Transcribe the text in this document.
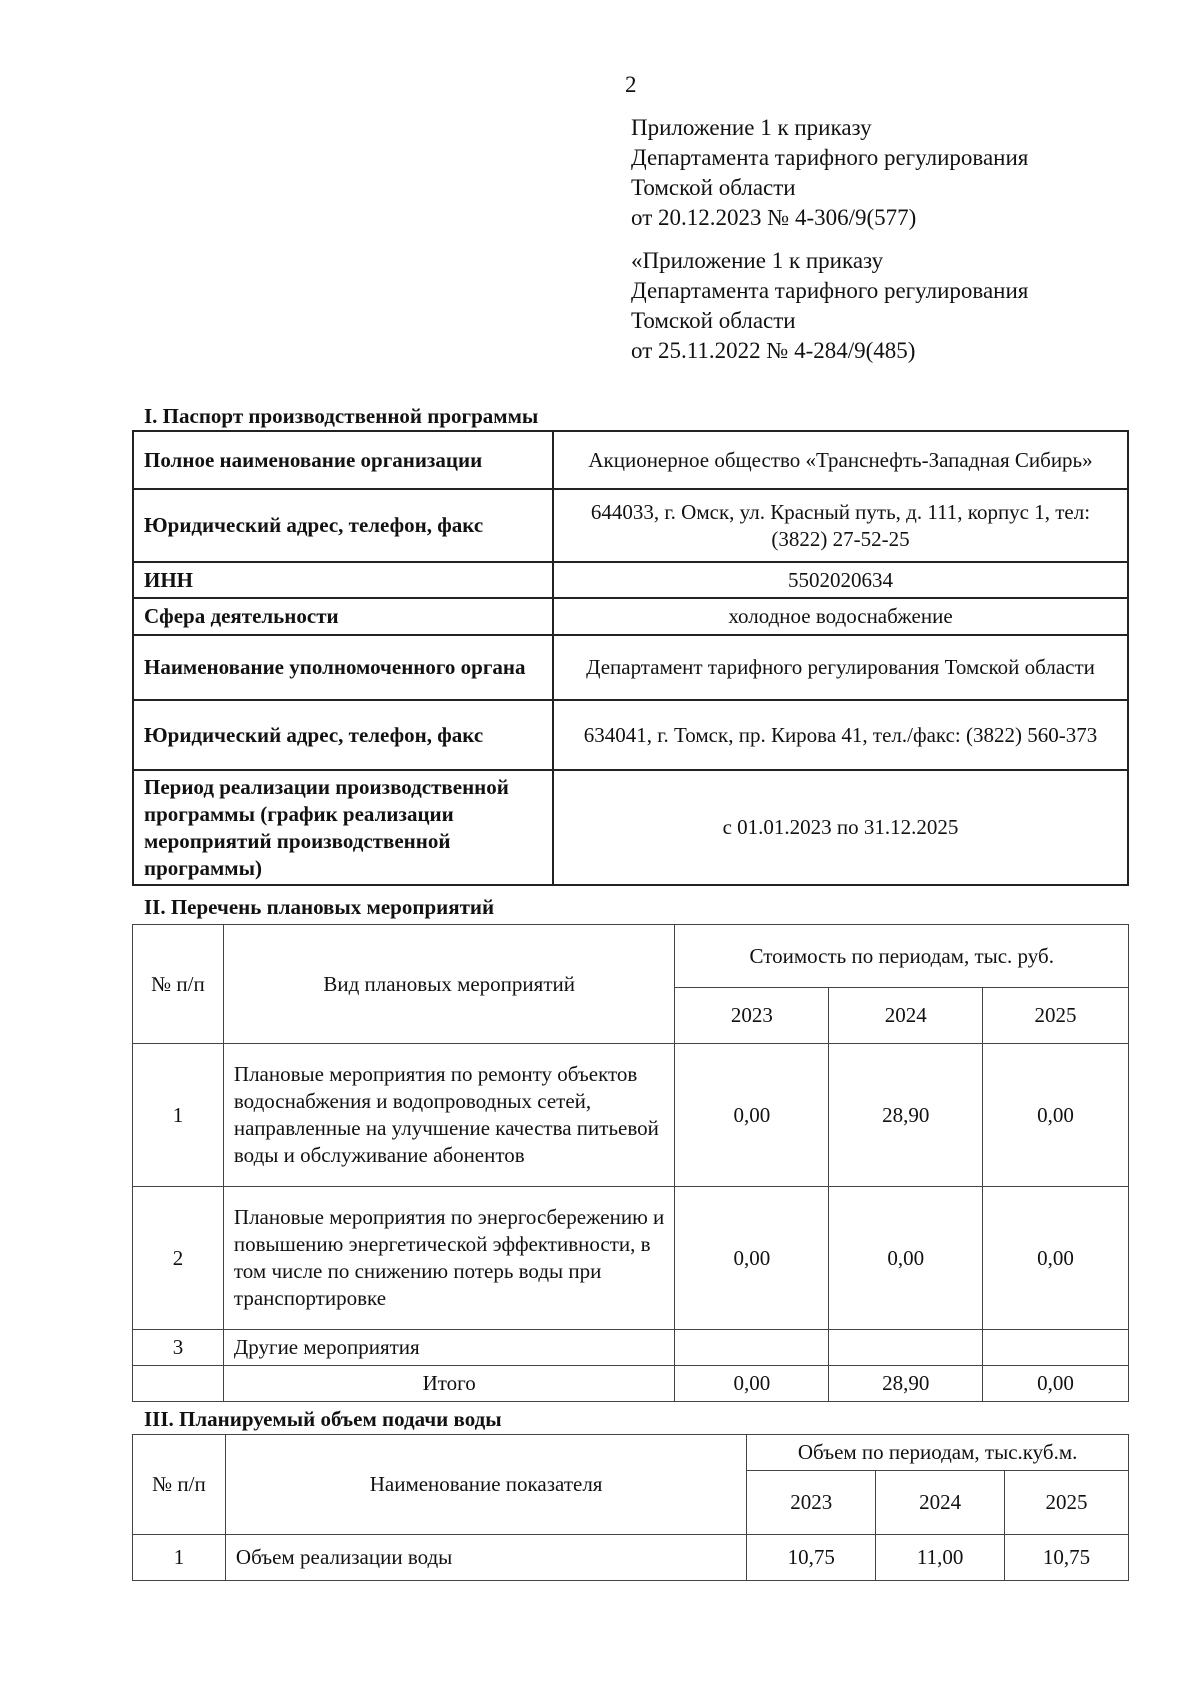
2
Приложение 1 к приказу
Департамента тарифного регулирования
Томской области
от 20.12.2023 № 4-306/9(577)
«Приложение 1 к приказу
Департамента тарифного регулирования
Томской области
от 25.11.2022 № 4-284/9(485)
I. Паспорт производственной программы
Полное наименование организации	Акционерное общество «Транснефть-Западная Сибирь»
Юридический адрес, телефон, факс	644033, г. Омск, ул. Красный путь, д. 111, корпус 1, тел: (3822) 27-52-25
ИНН	5502020634
Сфера деятельности	холодное водоснабжение
Наименование уполномоченного органа	Департамент тарифного регулирования Томской области
Юридический адрес, телефон, факс	634041, г. Томск, пр. Кирова 41, тел./факс: (3822) 560-373
Период реализации производственной программы (график реализации мероприятий производственной программы)	с 01.01.2023 по 31.12.2025
II. Перечень плановых мероприятий
№ п/п	Вид плановых мероприятий	Стоимость по периодам, тыс. руб.		
		2023	2024	2025
1	Плановые мероприятия по ремонту объектов водоснабжения и водопроводных сетей, направленные на улучшение качества питьевой воды и обслуживание абонентов	0,00	28,90	0,00
2	Плановые мероприятия по энергосбережению и повышению энергетической эффективности, в том числе по снижению потерь воды при транспортировке	0,00	0,00	0,00
3	Другие мероприятия			
	Итого	0,00	28,90	0,00
III. Планируемый объем подачи воды
№ п/п	Наименование показателя	Объем по периодам, тыс.куб.м.		
		2023	2024	2025
1	Объем реализации воды	10,75	11,00	10,75
